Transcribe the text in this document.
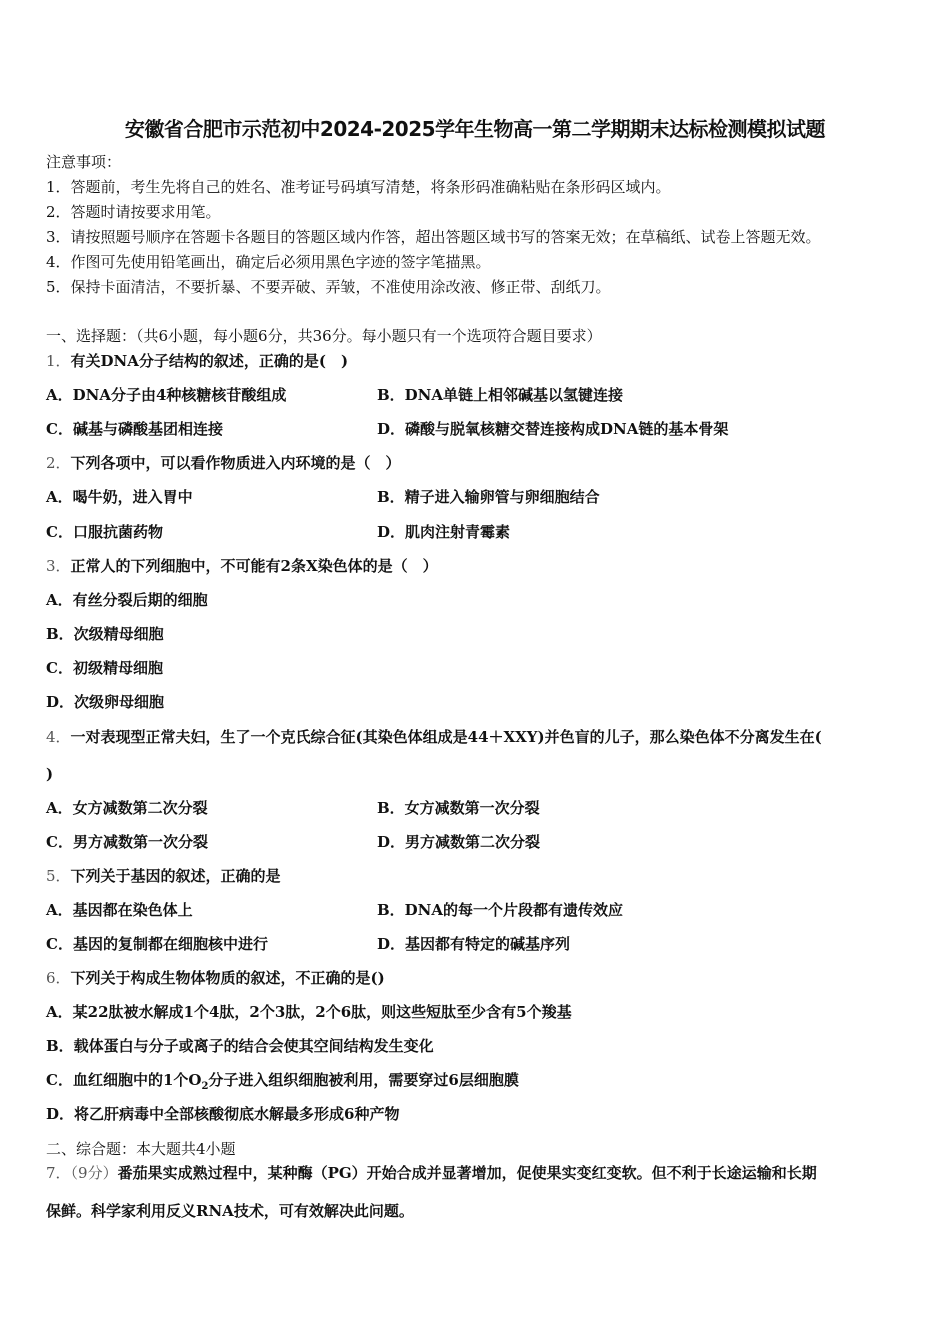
安徽省合肥市示范初中2024-2025学年生物高一第二学期期末达标检测模拟试题
注意事项：
1．答题前，考生先将自己的姓名、准考证号码填写清楚，将条形码准确粘贴在条形码区域内。
2．答题时请按要求用笔。
3．请按照题号顺序在答题卡各题目的答题区域内作答，超出答题区域书写的答案无效；在草稿纸、试卷上答题无效。
4．作图可先使用铅笔画出，确定后必须用黑色字迹的签字笔描黑。
5．保持卡面清洁，不要折暴、不要弄破、弄皱，不准使用涂改液、修正带、刮纸刀。
一、选择题：（共6小题，每小题6分，共36分。每小题只有一个选项符合题目要求）
1．有关DNA分子结构的叙述，正确的是(　)
A．DNA分子由4种核糖核苷酸组成	B．DNA单链上相邻碱基以氢键连接
C．碱基与磷酸基团相连接	D．磷酸与脱氧核糖交替连接构成DNA链的基本骨架
2．下列各项中，可以看作物质进入内环境的是（　）
A．喝牛奶，进入胃中	B．精子进入输卵管与卵细胞结合
C．口服抗菌药物	D．肌肉注射青霉素
3．正常人的下列细胞中，不可能有2条X染色体的是（　）
A．有丝分裂后期的细胞
B．次级精母细胞
C．初级精母细胞
D．次级卵母细胞
4．一对表现型正常夫妇，生了一个克氏综合征(其染色体组成是44＋XXY)并色盲的儿子，那么染色体不分离发生在(
)
A．女方减数第二次分裂	B．女方减数第一次分裂
C．男方减数第一次分裂	D．男方减数第二次分裂
5．下列关于基因的叙述，正确的是
A．基因都在染色体上	B．DNA的每一个片段都有遗传效应
C．基因的复制都在细胞核中进行	D．基因都有特定的碱基序列
6．下列关于构成生物体物质的叙述，不正确的是()
A．某22肽被水解成1个4肽，2个3肽，2个6肽，则这些短肽至少含有5个羧基
B．载体蛋白与分子或离子的结合会使其空间结构发生变化
C．血红细胞中的1个$O_2$分子进入组织细胞被利用，需要穿过6层细胞膜
D．将乙肝病毒中全部核酸彻底水解最多形成6种产物
二、综合题：本大题共4小题
7．（9分）番茄果实成熟过程中，某种酶（PG）开始合成并显著增加，促使果实变红变软。但不利于长途运输和长期
保鲜。科学家利用反义RNA技术，可有效解决此问题。
